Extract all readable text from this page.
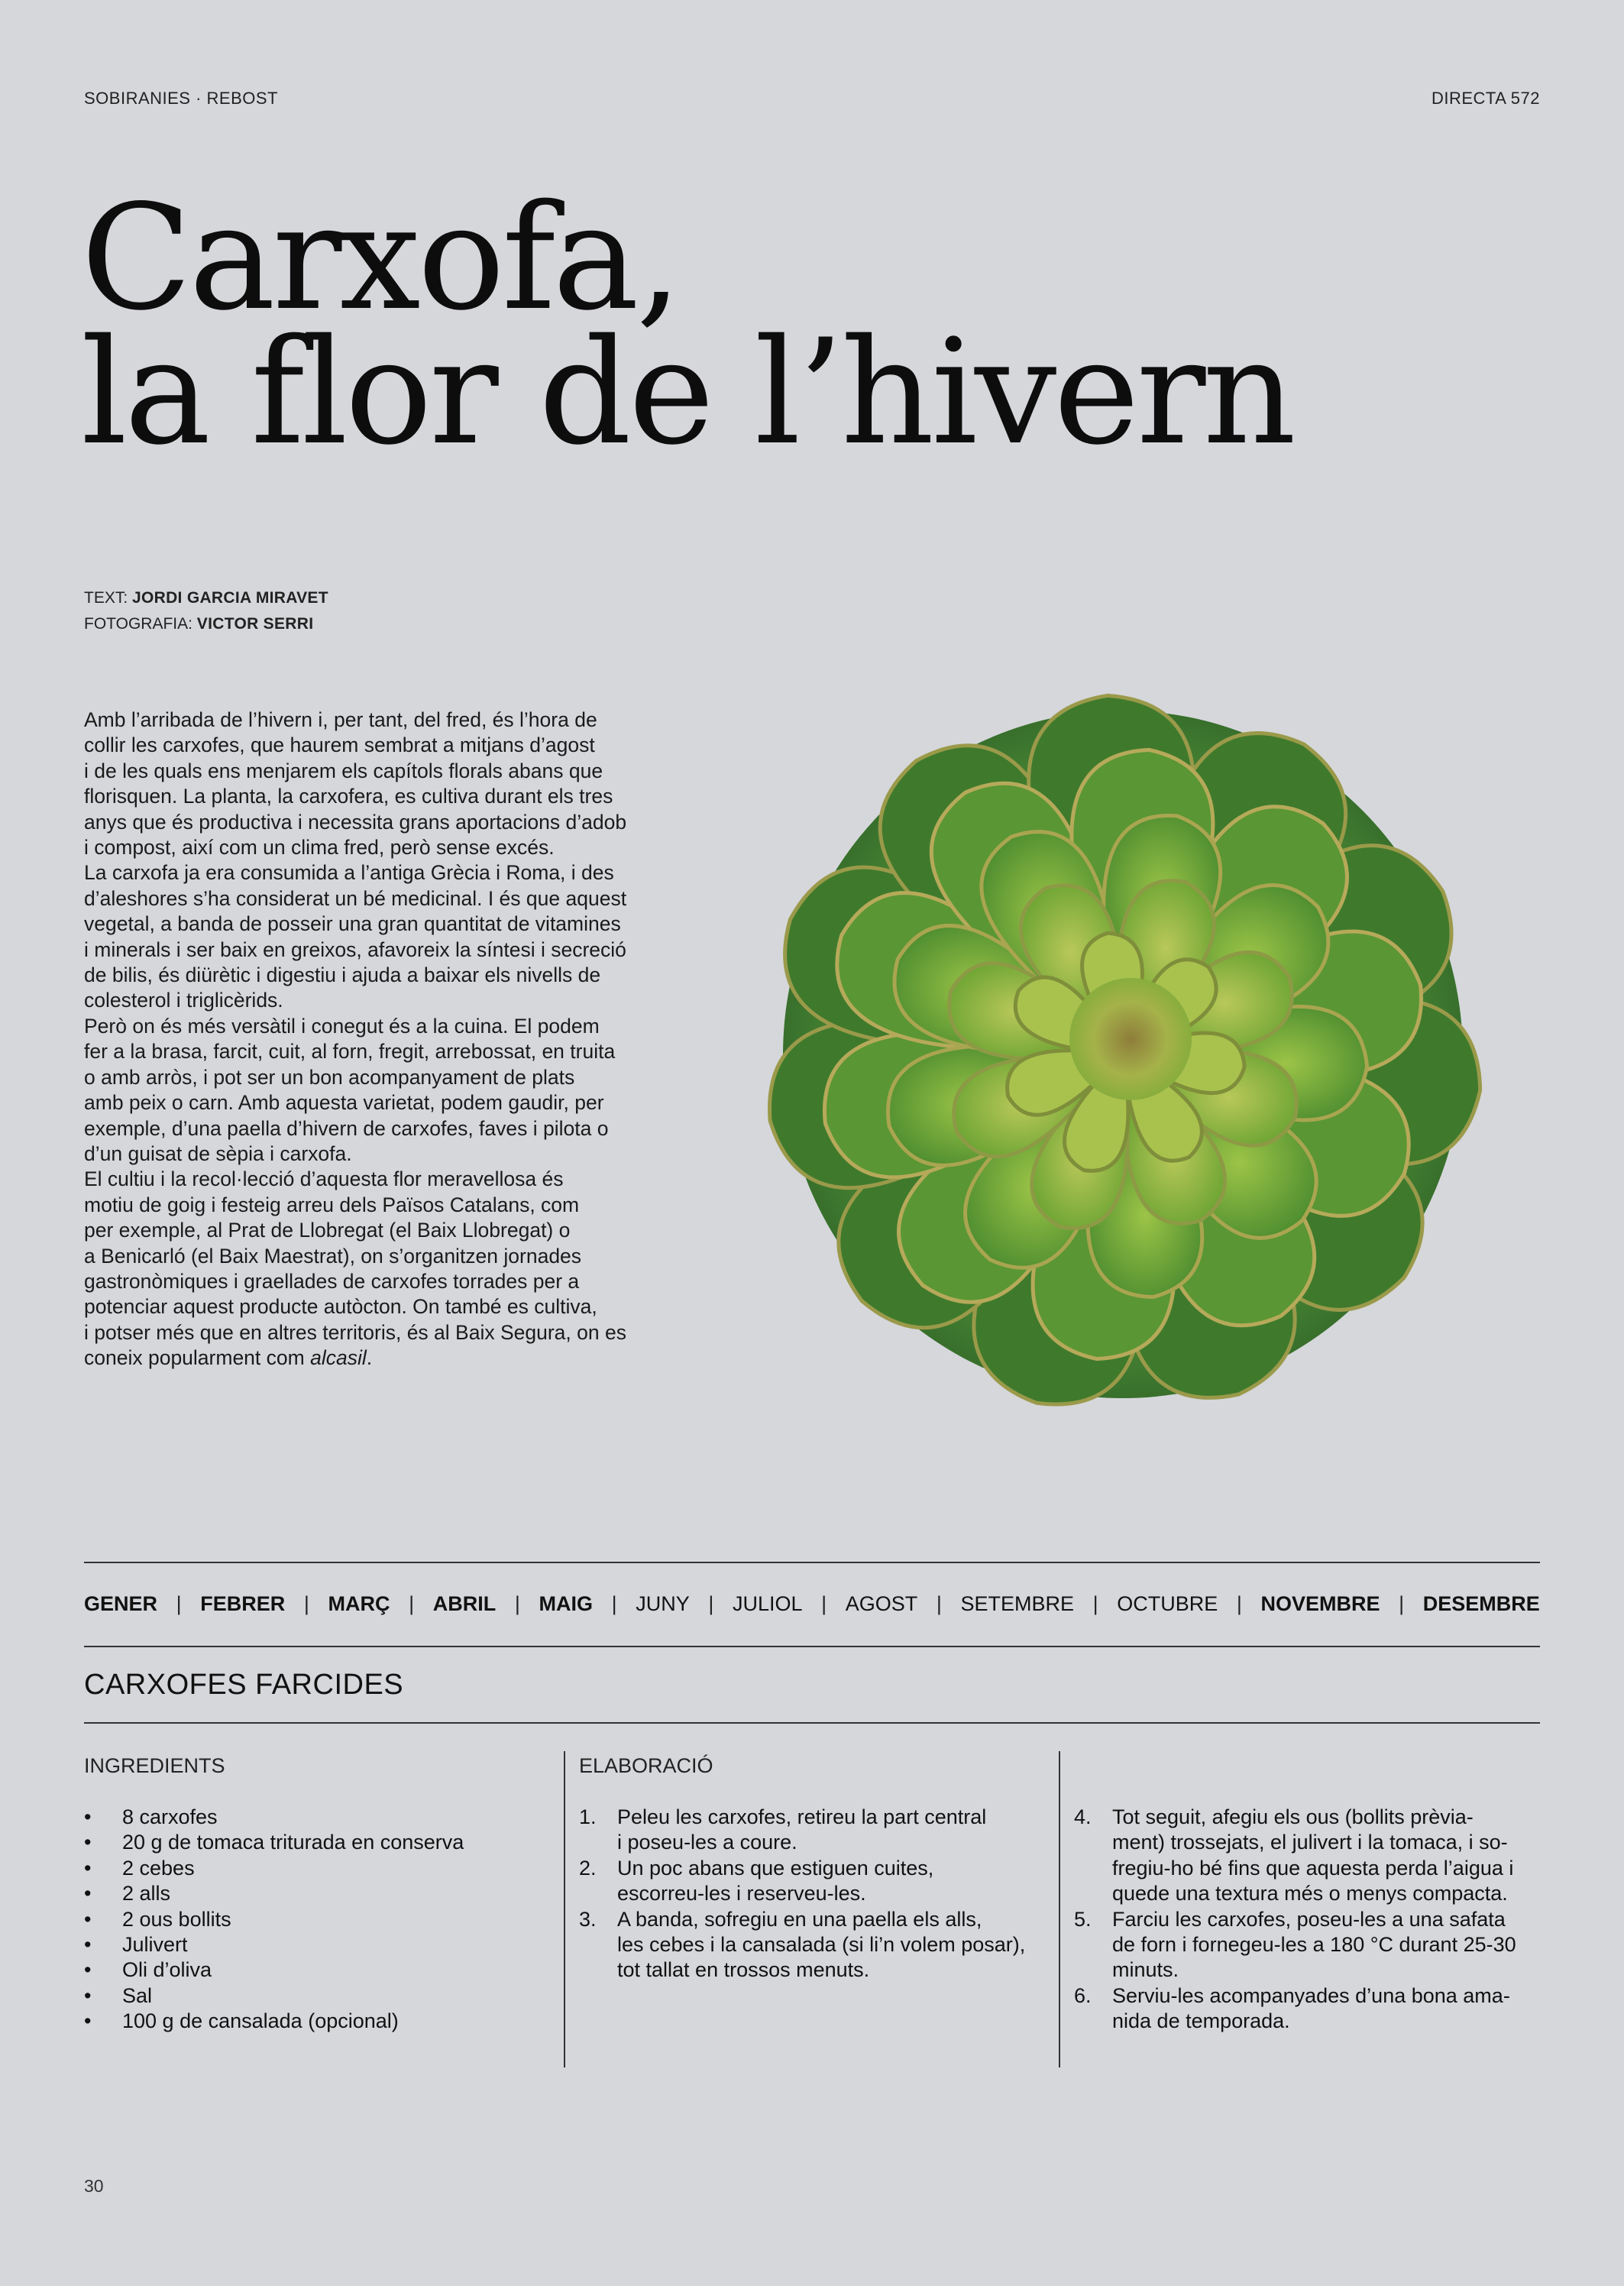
SOBIRANIES · REBOST	DIRECTA 572
Carxofa,
la flor de l’hivern
TEXT: JORDI GARCIA MIRAVET
FOTOGRAFIA: VICTOR SERRI

Amb l’arribada de l’hivern i, per tant, del fred, és l’hora de

collir les carxofes, que haurem sembrat a mitjans d’agost

i de les quals ens menjarem els capítols florals abans que

florisquen. La planta, la carxofera, es cultiva durant els tres

anys que és productiva i necessita grans aportacions d’adob

i compost, així com un clima fred, però sense excés.

La carxofa ja era consumida a l’antiga Grècia i Roma, i des

d’aleshores s’ha considerat un bé medicinal. I és que aquest

vegetal, a banda de posseir una gran quantitat de vitamines

i minerals i ser baix en greixos, afavoreix la síntesi i secreció

de bilis, és diürètic i digestiu i ajuda a baixar els nivells de

colesterol i triglicèrids.

Però on és més versàtil i conegut és a la cuina. El podem

fer a la brasa, farcit, cuit, al forn, fregit, arrebossat, en truita

o amb arròs, i pot ser un bon acompanyament de plats

amb peix o carn. Amb aquesta varietat, podem gaudir, per

exemple, d’una paella d’hivern de carxofes, faves i pilota o

d’un guisat de sèpia i carxofa.

El cultiu i la recol·lecció d’aquesta flor meravellosa és

motiu de goig i festeig arreu dels Països Catalans, com

per exemple, al Prat de Llobregat (el Baix Llobregat) o

a Benicarló (el Baix Maestrat), on s’organitzen jornades

gastronòmiques i graellades de carxofes torrades per a

potenciar aquest producte autòcton. On també es cultiva,

i potser més que en altres territoris, és al Baix Segura, on es

coneix popularment com alcasil.

GENER | FEBRER | MARÇ | ABRIL | MAIG | JUNY | JULIOL | AGOST | SETEMBRE | OCTUBRE | NOVEMBRE | DESEMBRE
CARXOFES FARCIDES
INGREDIENTS
• 8 carxofes
• 20 g de tomaca triturada en conserva
• 2 cebes
• 2 alls
• 2 ous bollits
• Julivert
• Oli d’oliva
• Sal
• 100 g de cansalada (opcional)
ELABORACIÓ
1.	Peleu les carxofes, retireu la part central
i poseu-les a coure.
2.	Un poc abans que estiguen cuites,
escorreu-les i reserveu-les.
3.	A banda, sofregiu en una paella els alls,
les cebes i la cansalada (si li’n volem posar),
tot tallat en trossos menuts.
4.	Tot seguit, afegiu els ous (bollits prèvia-
ment) trossejats, el julivert i la tomaca, i so-
fregiu-ho bé fins que aquesta perda l’aigua i
quede una textura més o menys compacta.
5.	Farciu les carxofes, poseu-les a una safata
de forn i fornegeu-les a 180 °C durant 25-30
minuts.
6.	Serviu-les acompanyades d’una bona ama-
nida de temporada.
30
